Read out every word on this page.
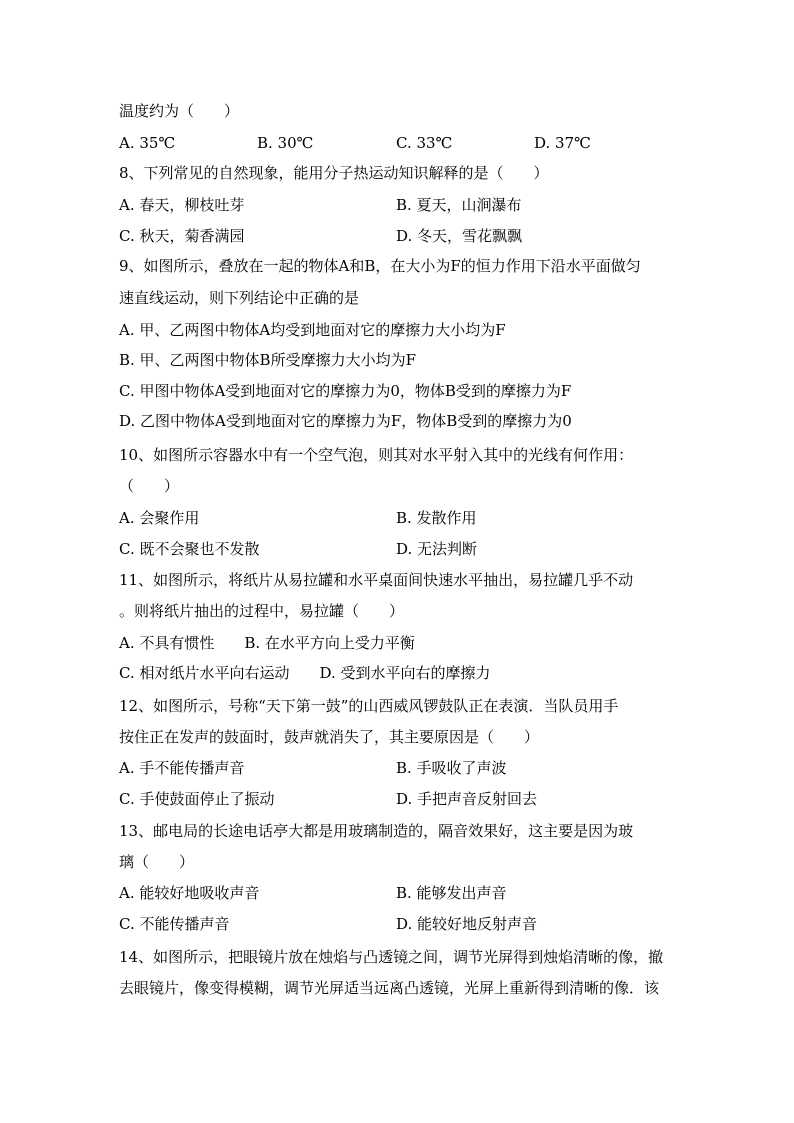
温度约为（　　）
8、下列常见的自然现象，能用分子热运动知识解释的是（　　）
9、如图所示，叠放在一起的物体A和B，在大小为F的恒力作用下沿水平面做匀
速直线运动，则下列结论中正确的是
A. 甲、乙两图中物体A均受到地面对它的摩擦力大小均为F
B. 甲、乙两图中物体B所受摩擦力大小均为F
C. 甲图中物体A受到地面对它的摩擦力为0，物体B受到的摩擦力为F
D. 乙图中物体A受到地面对它的摩擦力为F，物体B受到的摩擦力为0
10、如图所示容器水中有一个空气泡，则其对水平射入其中的光线有何作用：
（　　）
11、如图所示，将纸片从易拉罐和水平桌面间快速水平抽出，易拉罐几乎不动
。则将纸片抽出的过程中，易拉罐（　　）
A. 不具有惯性　　B. 在水平方向上受力平衡
C. 相对纸片水平向右运动　　D. 受到水平向右的摩擦力
12、如图所示，号称“天下第一鼓”的山西威风锣鼓队正在表演．当队员用手
按住正在发声的鼓面时，鼓声就消失了，其主要原因是（　　）
13、邮电局的长途电话亭大都是用玻璃制造的，隔音效果好，这主要是因为玻
璃（　　）
14、如图所示，把眼镜片放在烛焰与凸透镜之间，调节光屏得到烛焰清晰的像，撤
去眼镜片，像变得模糊，调节光屏适当远离凸透镜，光屏上重新得到清晰的像．该
A. 35℃	B. 30℃	C. 33℃	D. 37℃
A. 春天，柳枝吐芽	B. 夏天，山涧瀑布
C. 秋天，菊香满园	D. 冬天，雪花飘飘
A. 会聚作用	B. 发散作用
C. 既不会聚也不发散	D. 无法判断
A. 手不能传播声音	B. 手吸收了声波
C. 手使鼓面停止了振动	D. 手把声音反射回去
A. 能较好地吸收声音	B. 能够发出声音
C. 不能传播声音	D. 能较好地反射声音
